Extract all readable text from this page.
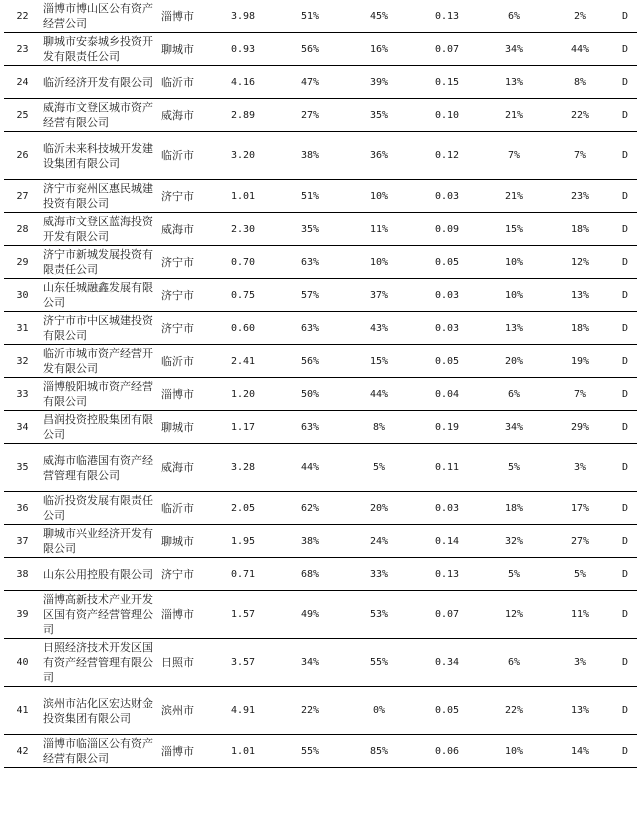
22	淄博市博山区公有资产经营公司	淄博市	3.98	51%	45%	0.13	6%	2%	D
23	聊城市安泰城乡投资开发有限责任公司	聊城市	0.93	56%	16%	0.07	34%	44%	D
24	临沂经济开发有限公司	临沂市	4.16	47%	39%	0.15	13%	8%	D
25	威海市文登区城市资产经营有限公司	威海市	2.89	27%	35%	0.10	21%	22%	D
26	临沂未来科技城开发建设集团有限公司	临沂市	3.20	38%	36%	0.12	7%	7%	D
27	济宁市兖州区惠民城建投资有限公司	济宁市	1.01	51%	10%	0.03	21%	23%	D
28	威海市文登区蓝海投资开发有限公司	威海市	2.30	35%	11%	0.09	15%	18%	D
29	济宁市新城发展投资有限责任公司	济宁市	0.70	63%	10%	0.05	10%	12%	D
30	山东任城融鑫发展有限公司	济宁市	0.75	57%	37%	0.03	10%	13%	D
31	济宁市市中区城建投资有限公司	济宁市	0.60	63%	43%	0.03	13%	18%	D
32	临沂市城市资产经营开发有限公司	临沂市	2.41	56%	15%	0.05	20%	19%	D
33	淄博般阳城市资产经营有限公司	淄博市	1.20	50%	44%	0.04	6%	7%	D
34	昌润投资控股集团有限公司	聊城市	1.17	63%	8%	0.19	34%	29%	D
35	威海市临港国有资产经营管理有限公司	威海市	3.28	44%	5%	0.11	5%	3%	D
36	临沂投资发展有限责任公司	临沂市	2.05	62%	20%	0.03	18%	17%	D
37	聊城市兴业经济开发有限公司	聊城市	1.95	38%	24%	0.14	32%	27%	D
38	山东公用控股有限公司	济宁市	0.71	68%	33%	0.13	5%	5%	D
39	淄博高新技术产业开发区国有资产经营管理公司	淄博市	1.57	49%	53%	0.07	12%	11%	D
40	日照经济技术开发区国有资产经营管理有限公司	日照市	3.57	34%	55%	0.34	6%	3%	D
41	滨州市沾化区宏达财金投资集团有限公司	滨州市	4.91	22%	0%	0.05	22%	13%	D
42	淄博市临淄区公有资产经营有限公司	淄博市	1.01	55%	85%	0.06	10%	14%	D
